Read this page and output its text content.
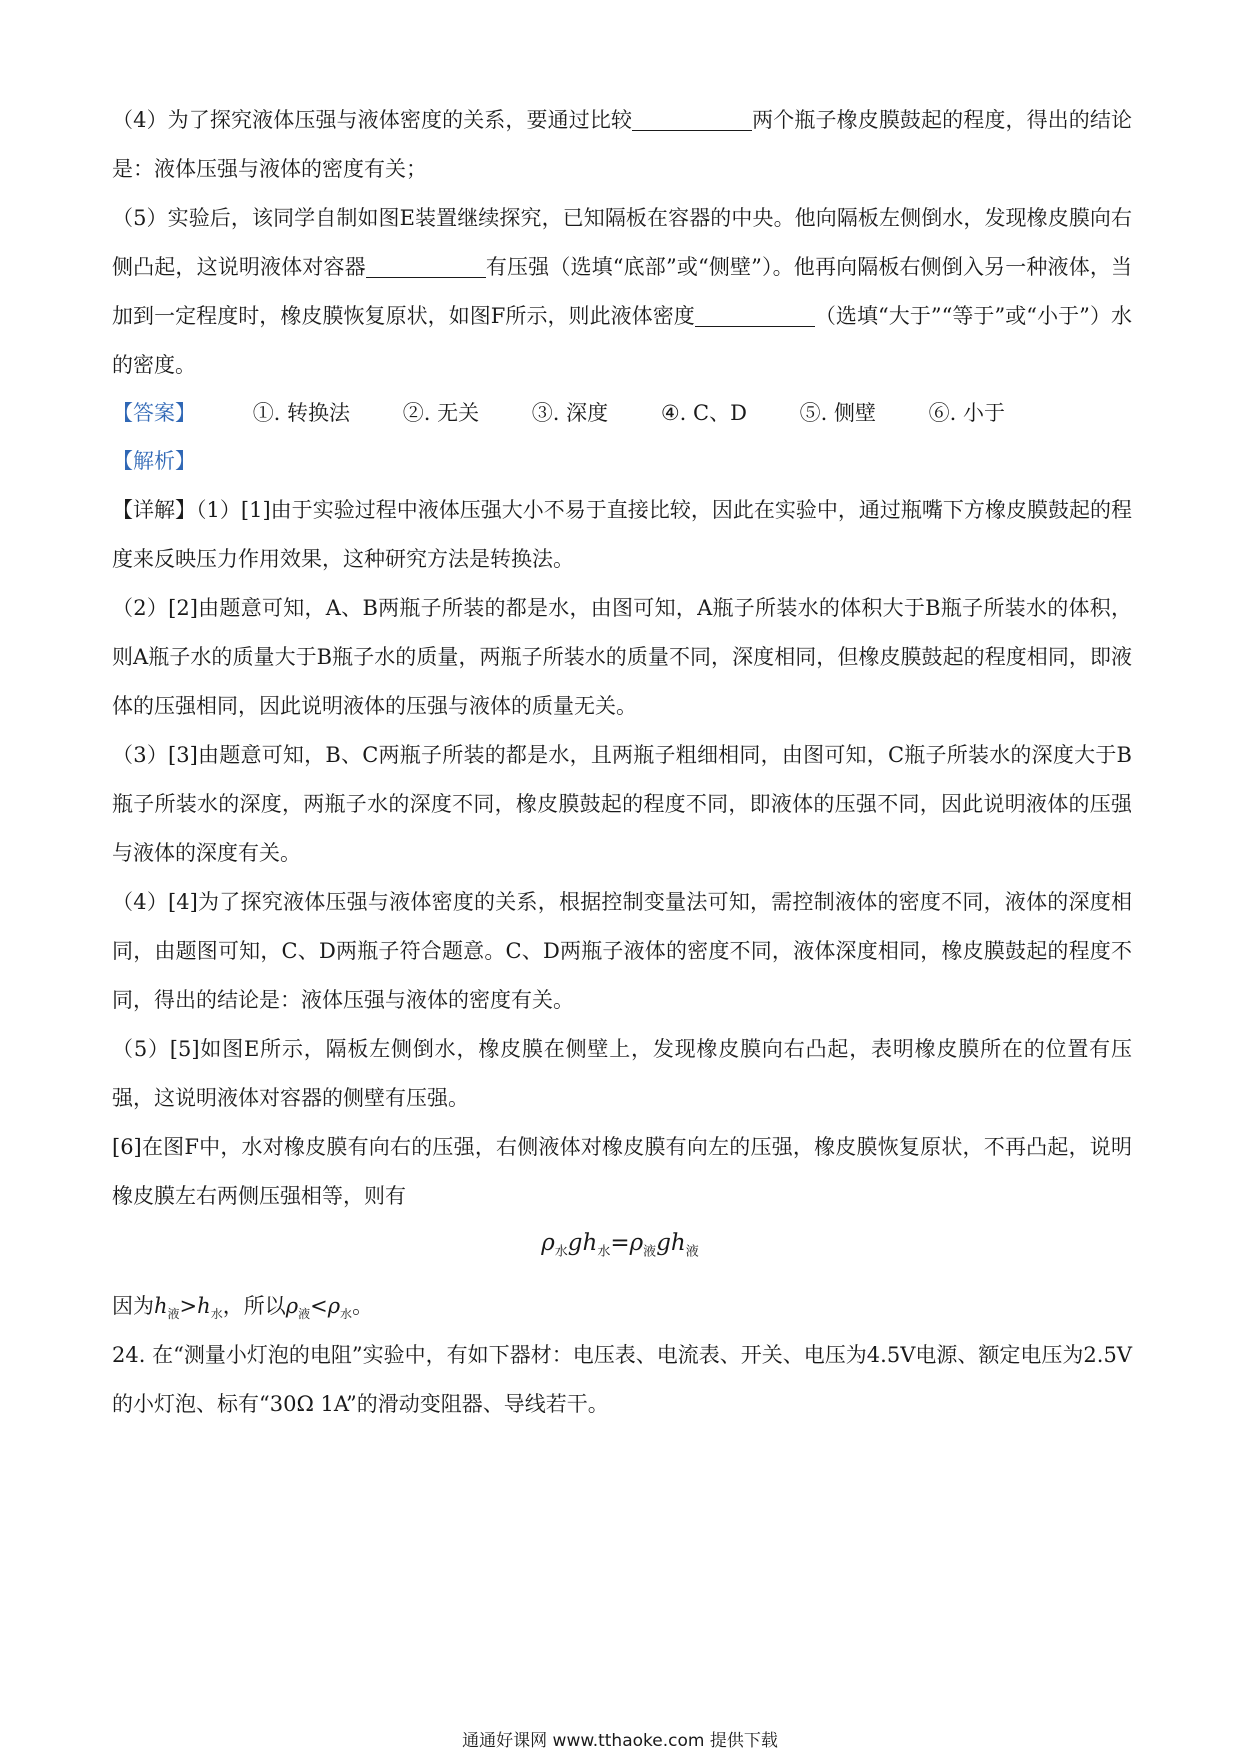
（4）为了探究液体压强与液体密度的关系，要通过比较	两个瓶子橡皮膜鼓起的程度，得出的结论是：液体压强与液体的密度有关；

（5）实验后，该同学自制如图E装置继续探究，已知隔板在容器的中央。他向隔板左侧倒水，发现橡皮膜向右侧凸起，这说明液体对容器	有压强（选填“底部”或“侧壁”）。他再向隔板右侧倒入另一种液体，当加到一定程度时，橡皮膜恢复原状，如图F所示，则此液体密度	（选填“大于”“等于”或“小于”）水的密度。

【答案】	①. 转换法	②. 无关	③. 深度	④. C、D	⑤. 侧壁	⑥. 小于
【解析】

【详解】（1）[1]由于实验过程中液体压强大小不易于直接比较，因此在实验中，通过瓶嘴下方橡皮膜鼓起的程度来反映压力作用效果，这种研究方法是转换法。

（2）[2]由题意可知，A、B两瓶子所装的都是水，由图可知，A瓶子所装水的体积大于B瓶子所装水的体积，则A瓶子水的质量大于B瓶子水的质量，两瓶子所装水的质量不同，深度相同，但橡皮膜鼓起的程度相同，即液体的压强相同，因此说明液体的压强与液体的质量无关。

（3）[3]由题意可知，B、C两瓶子所装的都是水，且两瓶子粗细相同，由图可知，C瓶子所装水的深度大于B瓶子所装水的深度，两瓶子水的深度不同，橡皮膜鼓起的程度不同，即液体的压强不同，因此说明液体的压强与液体的深度有关。

（4）[4]为了探究液体压强与液体密度的关系，根据控制变量法可知，需控制液体的密度不同，液体的深度相同，由题图可知，C、D两瓶子符合题意。C、D两瓶子液体的密度不同，液体深度相同，橡皮膜鼓起的程度不同，得出的结论是：液体压强与液体的密度有关。

（5）[5]如图E所示，隔板左侧倒水，橡皮膜在侧壁上，发现橡皮膜向右凸起，表明橡皮膜所在的位置有压强，这说明液体对容器的侧壁有压强。

[6]在图F中，水对橡皮膜有向右的压强，右侧液体对橡皮膜有向左的压强，橡皮膜恢复原状，不再凸起，说明橡皮膜左右两侧压强相等，则有

$\rho_水gh_水=\rho_液gh_液$

因为$h_液>h_水$，所以$\rho_液<\rho_水$。

24. 在“测量小灯泡的电阻”实验中，有如下器材：电压表、电流表、开关、电压为4.5V电源、额定电压为2.5V的小灯泡、标有“30Ω 1A”的滑动变阻器、导线若干。

通通好课网 www.tthaoke.com 提供下载
